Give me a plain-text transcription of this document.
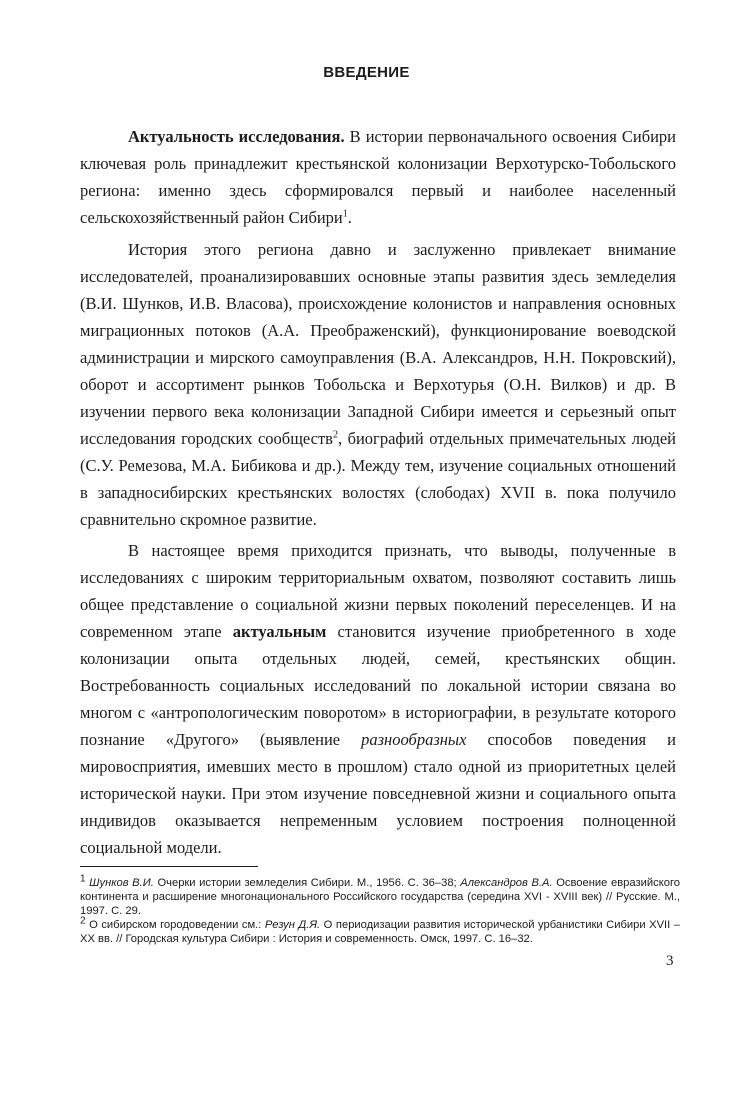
ВВЕДЕНИЕ

Актуальность исследования. В истории первоначального освоения Сибири ключевая роль принадлежит крестьянской колонизации Верхотурско-Тобольского региона: именно здесь сформировался первый и наиболее населенный сельскохозяйственный район Сибири$^1$.

История этого региона давно и заслуженно привлекает внимание исследователей, проанализировавших основные этапы развития здесь земледелия (В.И. Шунков, И.В. Власова), происхождение колонистов и направления основных миграционных потоков (А.А. Преображенский), функционирование воеводской администрации и мирского самоуправления (В.А. Александров, Н.Н. Покровский), оборот и ассортимент рынков Тобольска и Верхотурья (О.Н. Вилков) и др. В изучении первого века колонизации Западной Сибири имеется и серьезный опыт исследования городских сообществ$^2$, биографий отдельных примечательных людей (С.У. Ремезова, М.А. Бибикова и др.). Между тем, изучение социальных отношений в западносибирских крестьянских волостях (слободах) XVII в. пока получило сравнительно скромное развитие.

В настоящее время приходится признать, что выводы, полученные в исследованиях с широким территориальным охватом, позволяют составить лишь общее представление о социальной жизни первых поколений переселенцев. И на современном этапе актуальным становится изучение приобретенного в ходе колонизации опыта отдельных людей, семей, крестьянских общин. Востребованность социальных исследований по локальной истории связана во многом с «антропологическим поворотом» в историографии, в результате которого познание «Другого» (выявление разнообразных способов поведения и мировосприятия, имевших место в прошлом) стало одной из приоритетных целей исторической науки. При этом изучение повседневной жизни и социального опыта индивидов оказывается непременным условием построения полноценной социальной модели.

$^1$ Шунков В.И. Очерки истории земледелия Сибири. М., 1956. С. 36–38; Александров В.А. Освоение евразийского континента и расширение многонационального Российского государства (середина XVI - XVIII век) // Русские. М., 1997. С. 29.

$^2$ О сибирском городоведении см.: Резун Д.Я. О периодизации развития исторической урбанистики Сибири XVII – XX вв. // Городская культура Сибири : История и современность. Омск, 1997. С. 16–32.

3
